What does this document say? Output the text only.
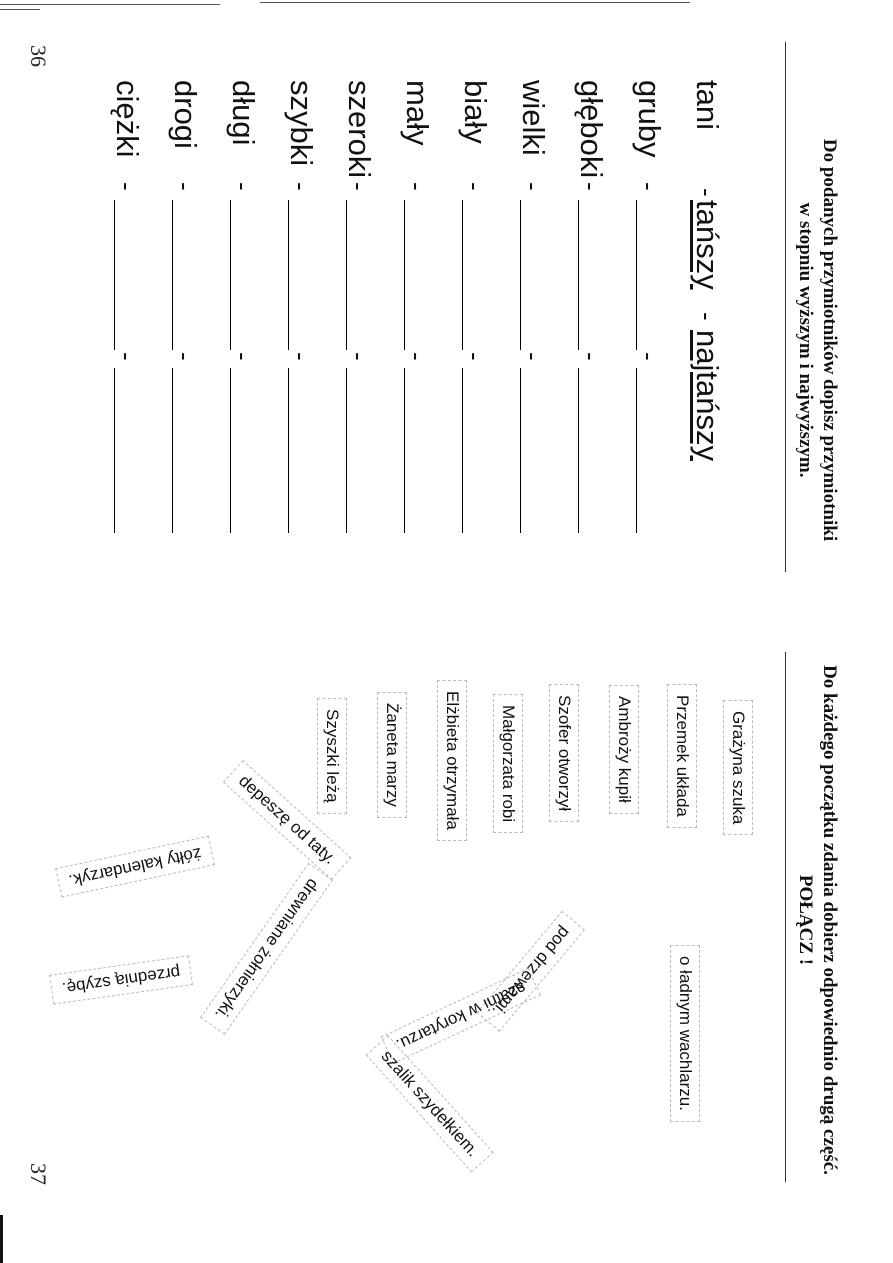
36
Do podanych przymiotników dopisz przymiotniki
w stopniu wyższym i najwyższym.
tani
-
tańszy
-
najtańszy
gruby
-
-
głęboki
-
-
wielki
-
-
biały
-
-
mały
-
-
szeroki
-
-
szybki
-
-
długi
-
-
drogi
-
-
ciężki
-
-
37	Do każdego początku zdania dobierz odpowiednio drugą część.
POŁĄCZ !
Grażyna szuka
Przemek układa
Ambroży kupił
Szofer otworzył
Małgorzata robi
Elżbieta otrzymała
Żaneta marzy
Szyszki leżą
o ładnym wachlarzu.
pod drzewami.
szatni w korytarzu.
drewniane żołnierzyki.
przednią szybę.
żółty kalendarzyk.
szalik szydełkiem.
depeszę od taty.
